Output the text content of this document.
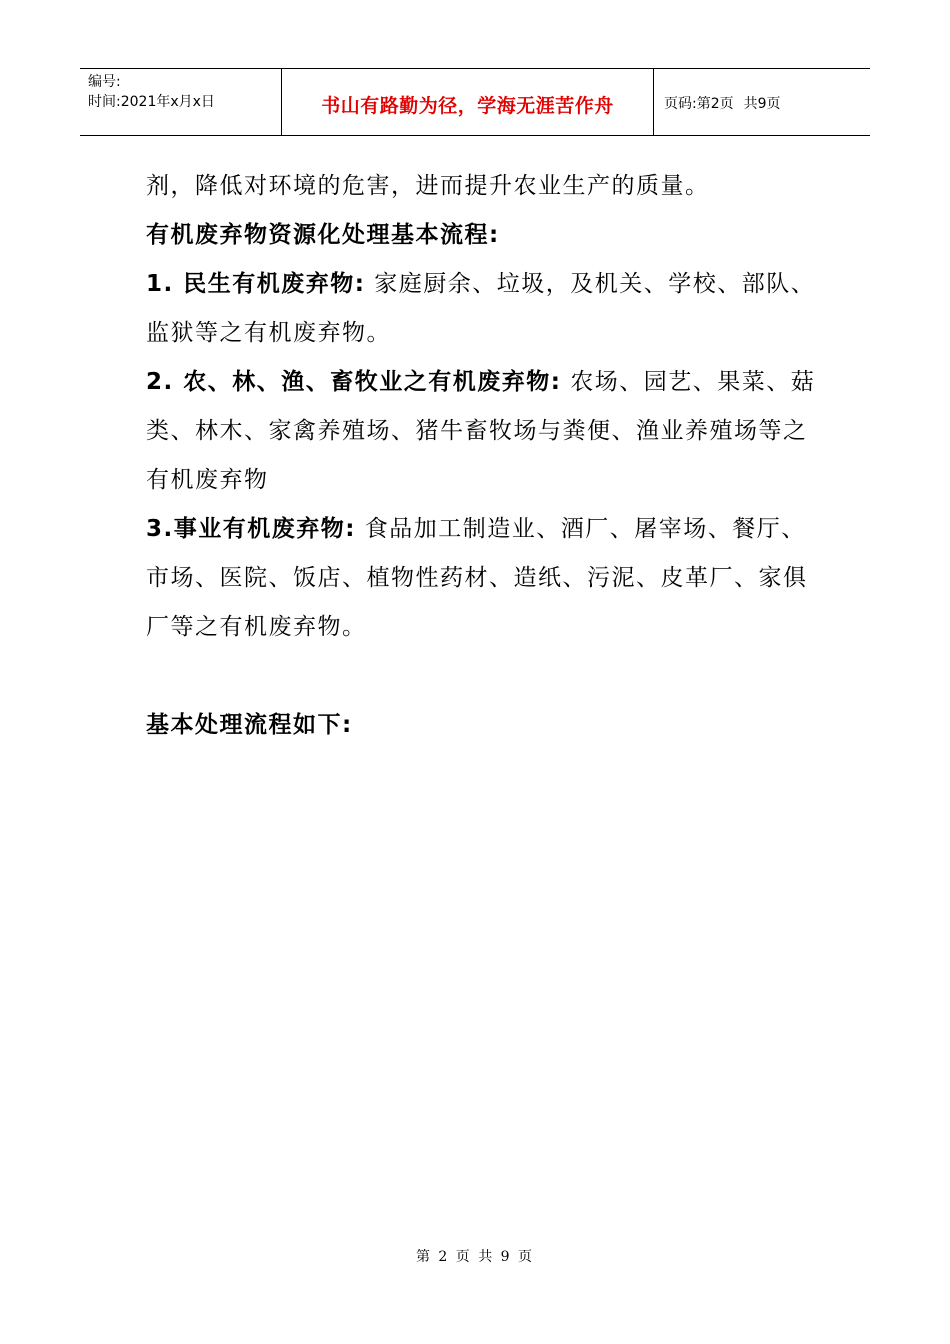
编号:
时间:2021年x月x日	书山有路勤为径，学海无涯苦作舟	页码: 第2页 共9页

剂，降低对环境的危害，进而提升农业生产的质量。

有机废弃物资源化处理基本流程:

1. 民生有机废弃物: 家庭厨余、垃圾，及机关、学校、部队、监狱等之有机废弃物。

2. 农、林、渔、畜牧业之有机废弃物: 农场、园艺、果菜、菇类、林木、家禽养殖场、猪牛畜牧场与粪便、渔业养殖场等之有机废弃物

3.事业有机废弃物: 食品加工制造业、酒厂、屠宰场、餐厅、市场、医院、饭店、植物性药材、造纸、污泥、皮革厂、家俱厂等之有机废弃物。

基本处理流程如下:

第 2 页 共 9 页
